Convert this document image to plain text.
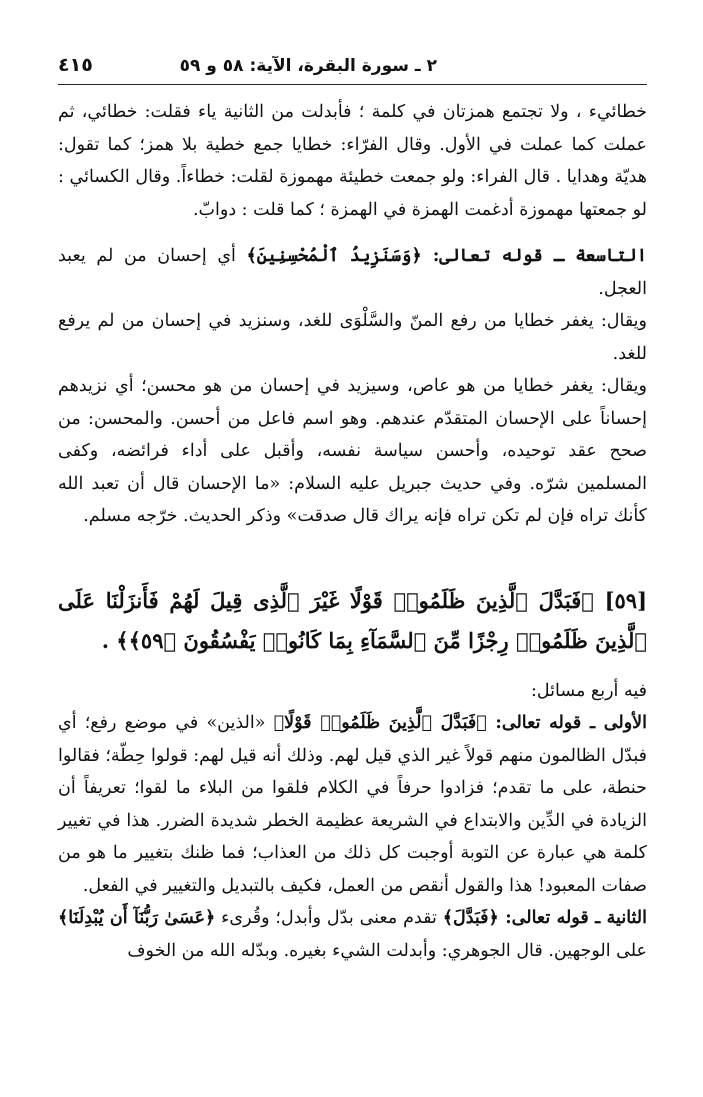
٢ ـ سورة البقرة، الآية: ٥٨ و ٥٩
٤١٥

خطائيء ، ولا تجتمع همزتان في كلمة ؛ فأبدلت من الثانية ياء فقلت: خطائي، ثم عملت كما عملت في الأول. وقال الفرّاء: خطايا جمع خطية بلا همز؛ كما تقول: هديّة وهدايا . قال الفراء: ولو جمعت خطيئة مهموزة لقلت: خطاءاً. وقال الكسائي : لو جمعتها مهموزة أدغمت الهمزة في الهمزة ؛ كما قلت : دوابّ.

التاسعة ـ قوله تعالى: ﴿وَسَنَزِيدُ ٱلْمُحْسِنِينَ﴾ أي إحسان من لم يعبد العجل.

ويقال: يغفر خطايا من رفع المنّ والسَّلْوَى للغد، وسنزيد في إحسان من لم يرفع للغد.

ويقال: يغفر خطايا من هو عاص، وسيزيد في إحسان من هو محسن؛ أي نزيدهم إحساناً على الإحسان المتقدّم عندهم. وهو اسم فاعل من أحسن. والمحسن: من صحح عقد توحيده، وأحسن سياسة نفسه، وأقبل على أداء فرائضه، وكفى المسلمين شرّه. وفي حديث جبريل عليه السلام: «ما الإحسان قال أن تعبد الله كأنك تراه فإن لم تكن تراه فإنه يراك قال صدقت» وذكر الحديث. خرّجه مسلم.

[٥٩] ﴿فَبَدَّلَ ٱلَّذِينَ ظَلَمُوا۟ قَوْلًا غَيْرَ ٱلَّذِى قِيلَ لَهُمْ فَأَنزَلْنَا عَلَى ٱلَّذِينَ ظَلَمُوا۟ رِجْزًا مِّنَ ٱلسَّمَآءِ بِمَا كَانُوا۟ يَفْسُقُونَ ﴿٥٩﴾﴾ .

فيه أربع مسائل:

الأولى ـ قوله تعالى: ﴿فَبَدَّلَ ٱلَّذِينَ ظَلَمُوا۟ قَوْلًا﴾ «الذين» في موضع رفع؛ أي فبدّل الظالمون منهم قولاً غير الذي قيل لهم. وذلك أنه قيل لهم: قولوا حِطّة؛ فقالوا حنطة، على ما تقدم؛ فزادوا حرفاً في الكلام فلقوا من البلاء ما لقوا؛ تعريفاً أن الزيادة في الدِّين والابتداع في الشريعة عظيمة الخطر شديدة الضرر. هذا في تغيير كلمة هي عبارة عن التوبة أوجبت كل ذلك من العذاب؛ فما ظنك بتغيير ما هو من صفات المعبود! هذا والقول أنقص من العمل، فكيف بالتبديل والتغيير في الفعل.

الثانية ـ قوله تعالى: ﴿فَبَدَّلَ﴾ تقدم معنى بدّل وأبدل؛ وقُرىء ﴿عَسَىٰ رَبُّنَآ أَن يُبْدِلَنَا﴾ على الوجهين. قال الجوهري: وأبدلت الشيء بغيره. وبدّله الله من الخوف
